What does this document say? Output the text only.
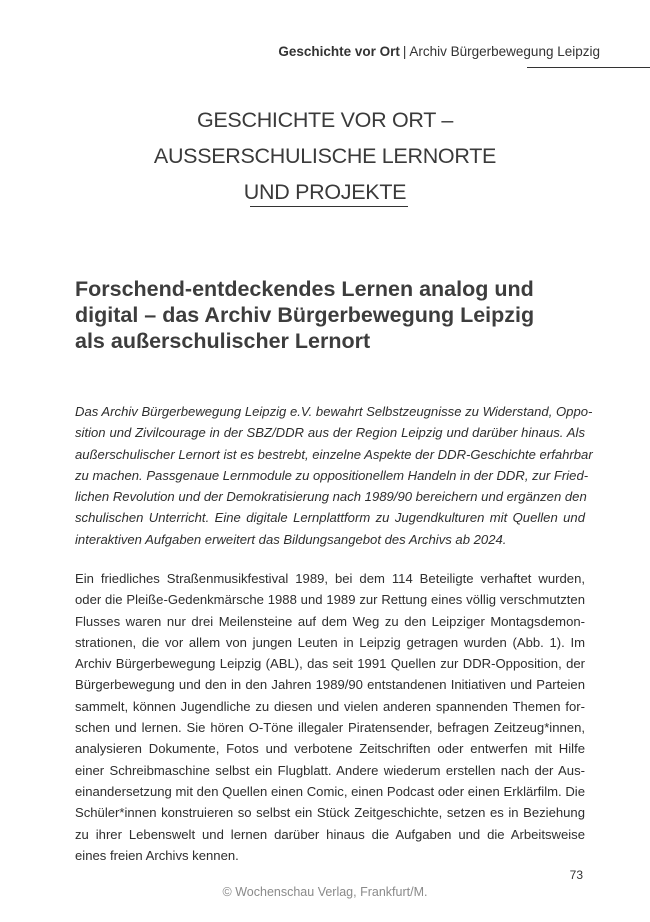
Geschichte vor Ort | Archiv Bürgerbewegung Leipzig
GESCHICHTE VOR ORT –
AUSSERSCHULISCHE LERNORTE
UND PROJEKTE
Forschend-entdeckendes Lernen analog und
digital – das Archiv Bürgerbewegung Leipzig
als außerschulischer Lernort
Das Archiv Bürgerbewegung Leipzig e.V. bewahrt Selbstzeugnisse zu Widerstand, Oppo-
sition und Zivilcourage in der SBZ/DDR aus der Region Leipzig und darüber hinaus. Als
außerschulischer Lernort ist es bestrebt, einzelne Aspekte der DDR-Geschichte erfahrbar
zu machen. Passgenaue Lernmodule zu oppositionellem Handeln in der DDR, zur Fried-
lichen Revolution und der Demokratisierung nach 1989/90 bereichern und ergänzen den
schulischen Unterricht. Eine digitale Lernplattform zu Jugendkulturen mit Quellen und
interaktiven Aufgaben erweitert das Bildungsangebot des Archivs ab 2024.
Ein friedliches Straßenmusikfestival 1989, bei dem 114 Beteiligte verhaftet wurden,
oder die Pleiße-Gedenkmärsche 1988 und 1989 zur Rettung eines völlig verschmutzten
Flusses waren nur drei Meilensteine auf dem Weg zu den Leipziger Montagsdemon-
strationen, die vor allem von jungen Leuten in Leipzig getragen wurden (Abb. 1). Im
Archiv Bürgerbewegung Leipzig (ABL), das seit 1991 Quellen zur DDR-Opposition, der
Bürgerbewegung und den in den Jahren 1989/90 entstandenen Initiativen und Parteien
sammelt, können Jugendliche zu diesen und vielen anderen spannenden Themen for-
schen und lernen. Sie hören O-Töne illegaler Piratensender, befragen Zeitzeug*innen,
analysieren Dokumente, Fotos und verbotene Zeitschriften oder entwerfen mit Hilfe
einer Schreibmaschine selbst ein Flugblatt. Andere wiederum erstellen nach der Aus-
einandersetzung mit den Quellen einen Comic, einen Podcast oder einen Erklärfilm. Die
Schüler*innen konstruieren so selbst ein Stück Zeitgeschichte, setzen es in Beziehung
zu ihrer Lebenswelt und lernen darüber hinaus die Aufgaben und die Arbeitsweise
eines freien Archivs kennen.
73
© Wochenschau Verlag, Frankfurt/M.
